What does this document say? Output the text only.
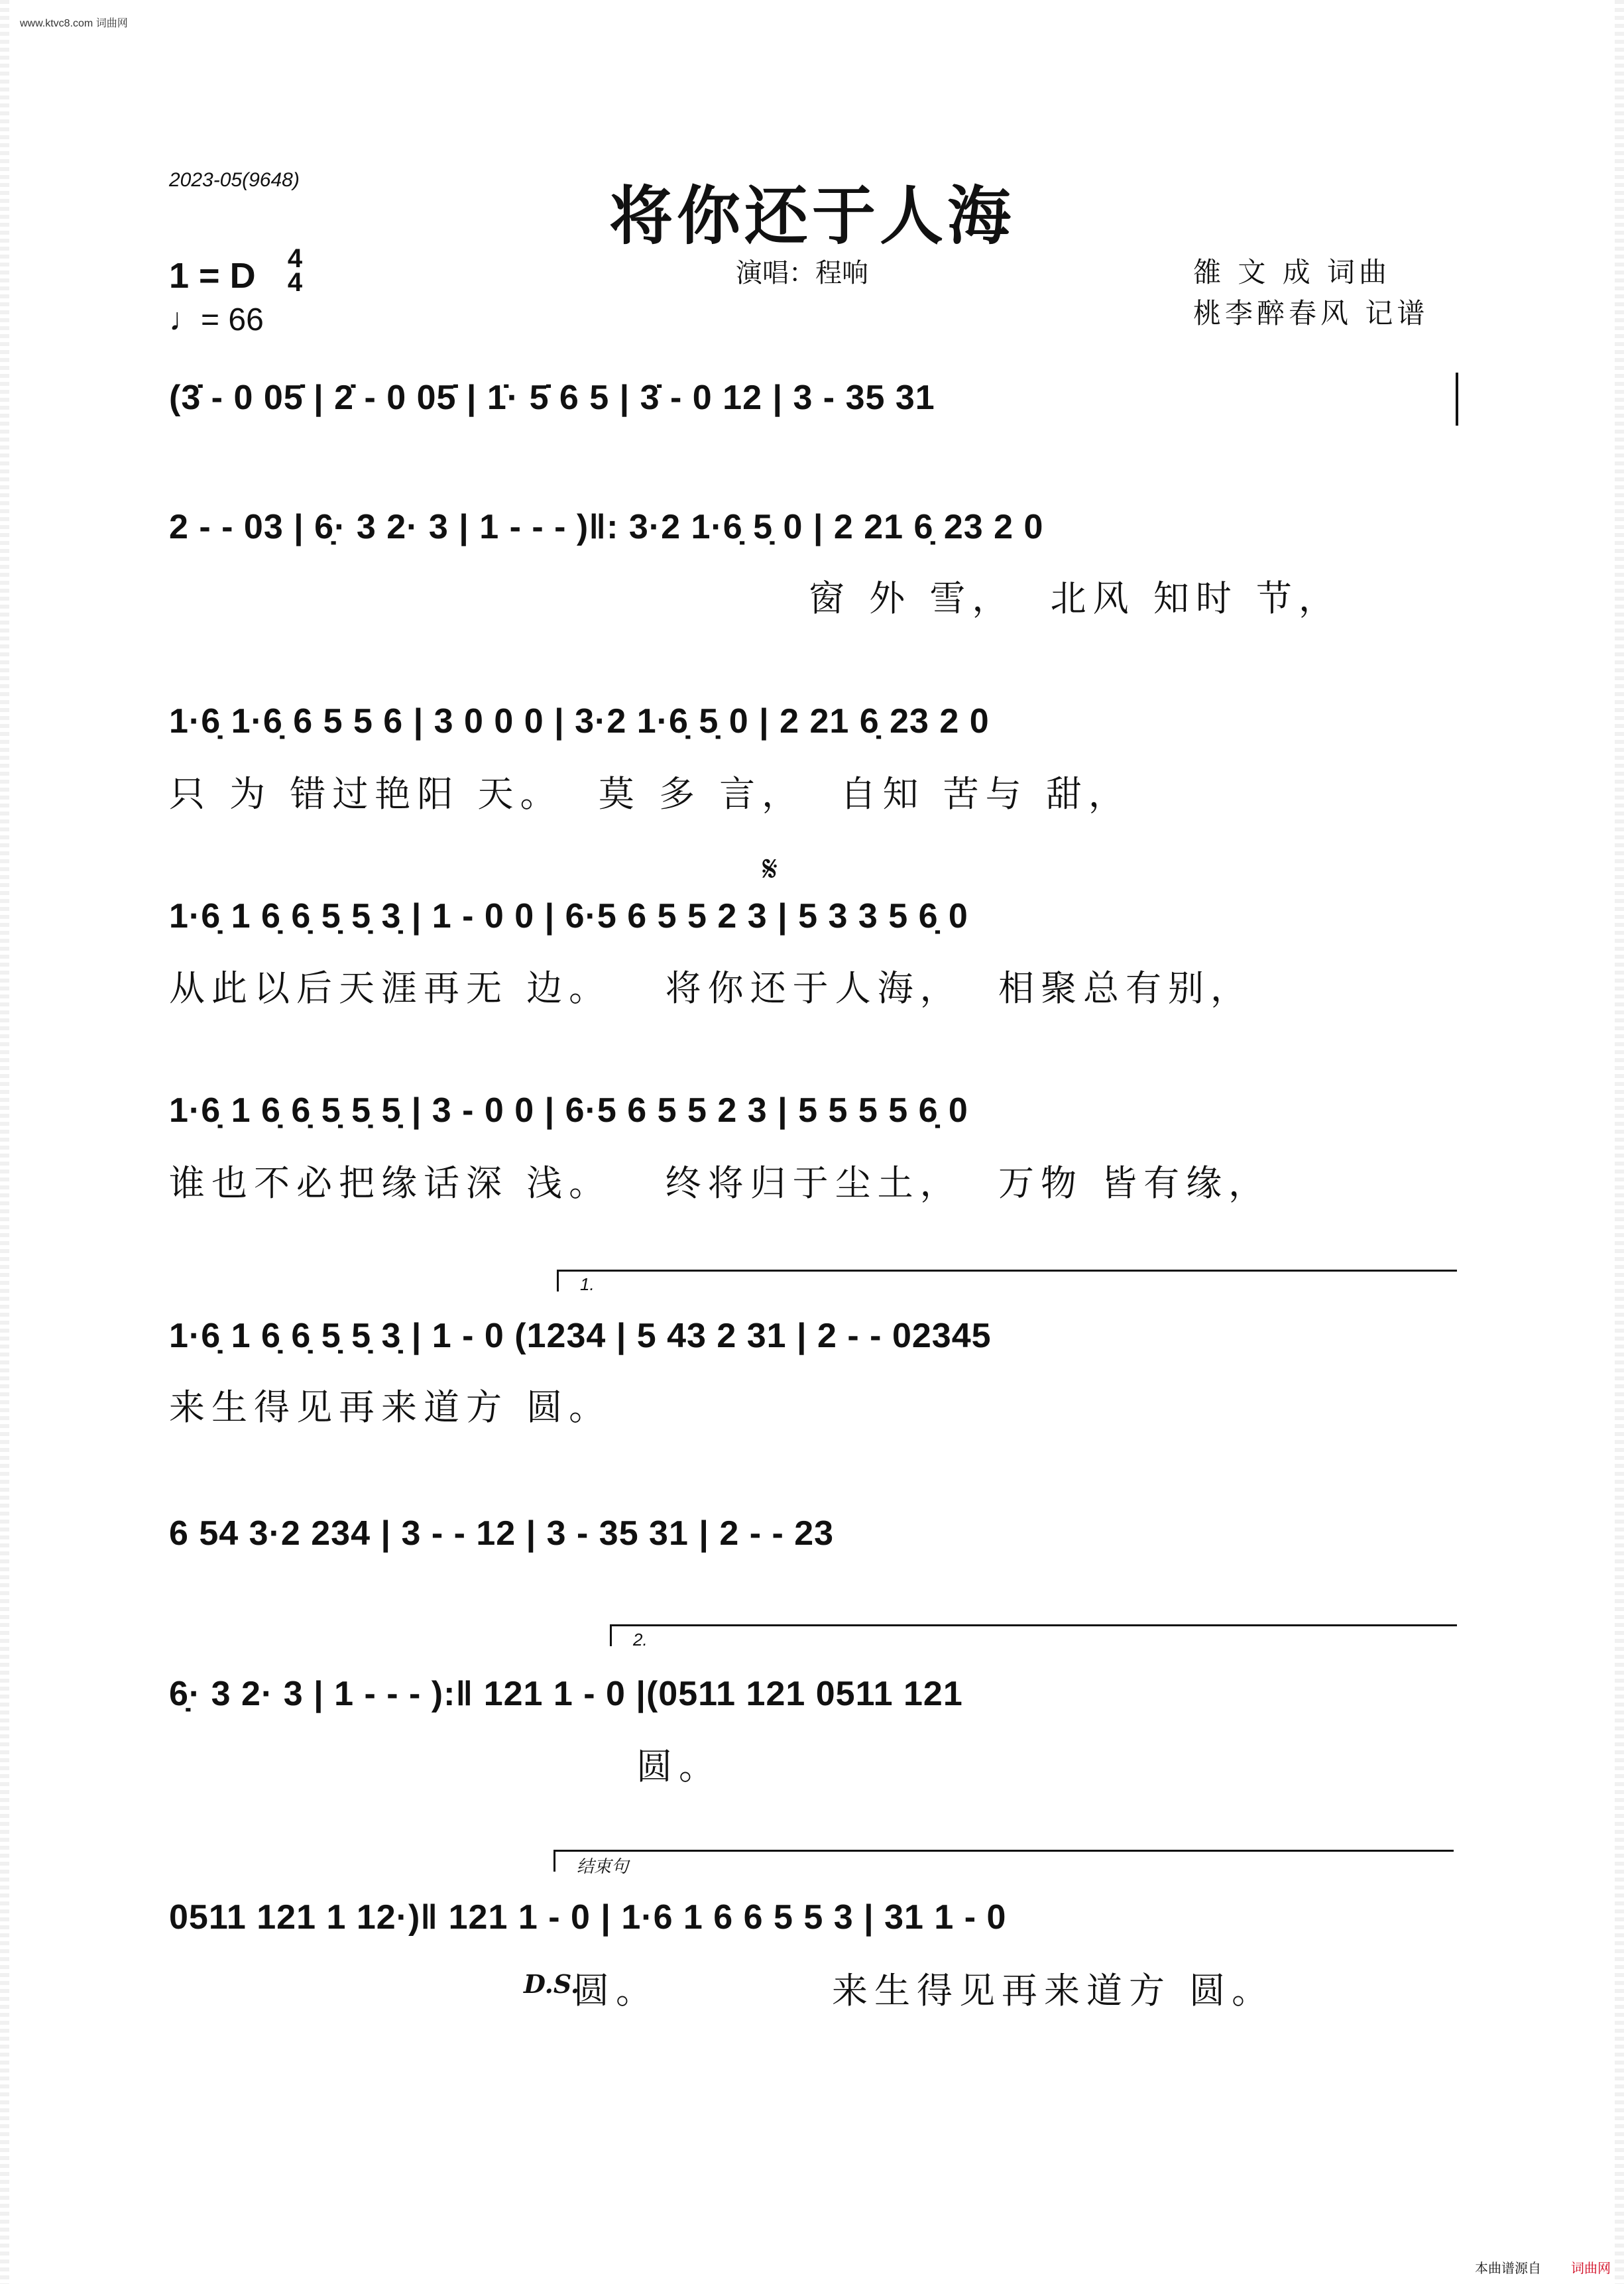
www.ktvc8.com 词曲网
2023-05(9648)	将你还于人海
1 = D 4
4
♩= 66
演唱：程响	雒 文 成 词曲
桃李醉春风 记谱
(3̇ - 0 05̇ | 2̇ - 0 05̇ | 1̇· 5̇ 6 5 | 3̇ - 0 12 | 3 - 35 31
2 - - 03 | 6̣· 3 2· 3 | 1 - - - )‖: 3·2 1·6̣ 5̣ 0 | 2 21 6̣ 23 2 0
窗 外 雪，  北风 知时 节，
1·6̣ 1·6̣ 6 5 5 6 | 3 0 0 0 | 3·2 1·6̣ 5̣ 0 | 2 21 6̣ 23 2 0
只 为 错过艳阳 天。  莫 多 言，  自知 苦与 甜，
𝄋
1·6̣ 1 6̣ 6̣ 5̣ 5̣ 3̣ | 1 - 0 0 | 6·5 6 5 5 2 3 | 5 3 3 5 6̣ 0
从此以后天涯再无 边。   将你还于人海，  相聚总有别，
1·6̣ 1 6̣ 6̣ 5̣ 5̣ 5̣ | 3 - 0 0 | 6·5 6 5 5 2 3 | 5 5 5 5 6̣ 0
谁也不必把缘话深 浅。   终将归于尘土，  万物 皆有缘，
1.
1·6̣ 1 6̣ 6̣ 5̣ 5̣ 3̣ | 1 - 0 (1234 | 5 43 2 31 | 2 - - 02345
来生得见再来道方 圆。
6 54 3·2 234 | 3 - - 12 | 3 - 35 31 | 2 - - 23
2.
6̣· 3 2· 3 | 1 - - - ):‖ 121 1 - 0 |(0511 121 0511 121
圆。
结束句
0511 121 1 12·)‖ 121 1 - 0 | 1·6 1 6 6 5 5 3 | 31 1 - 0
D.S.
圆。	来生得见再来道方 圆。
本曲谱源自 词曲网
